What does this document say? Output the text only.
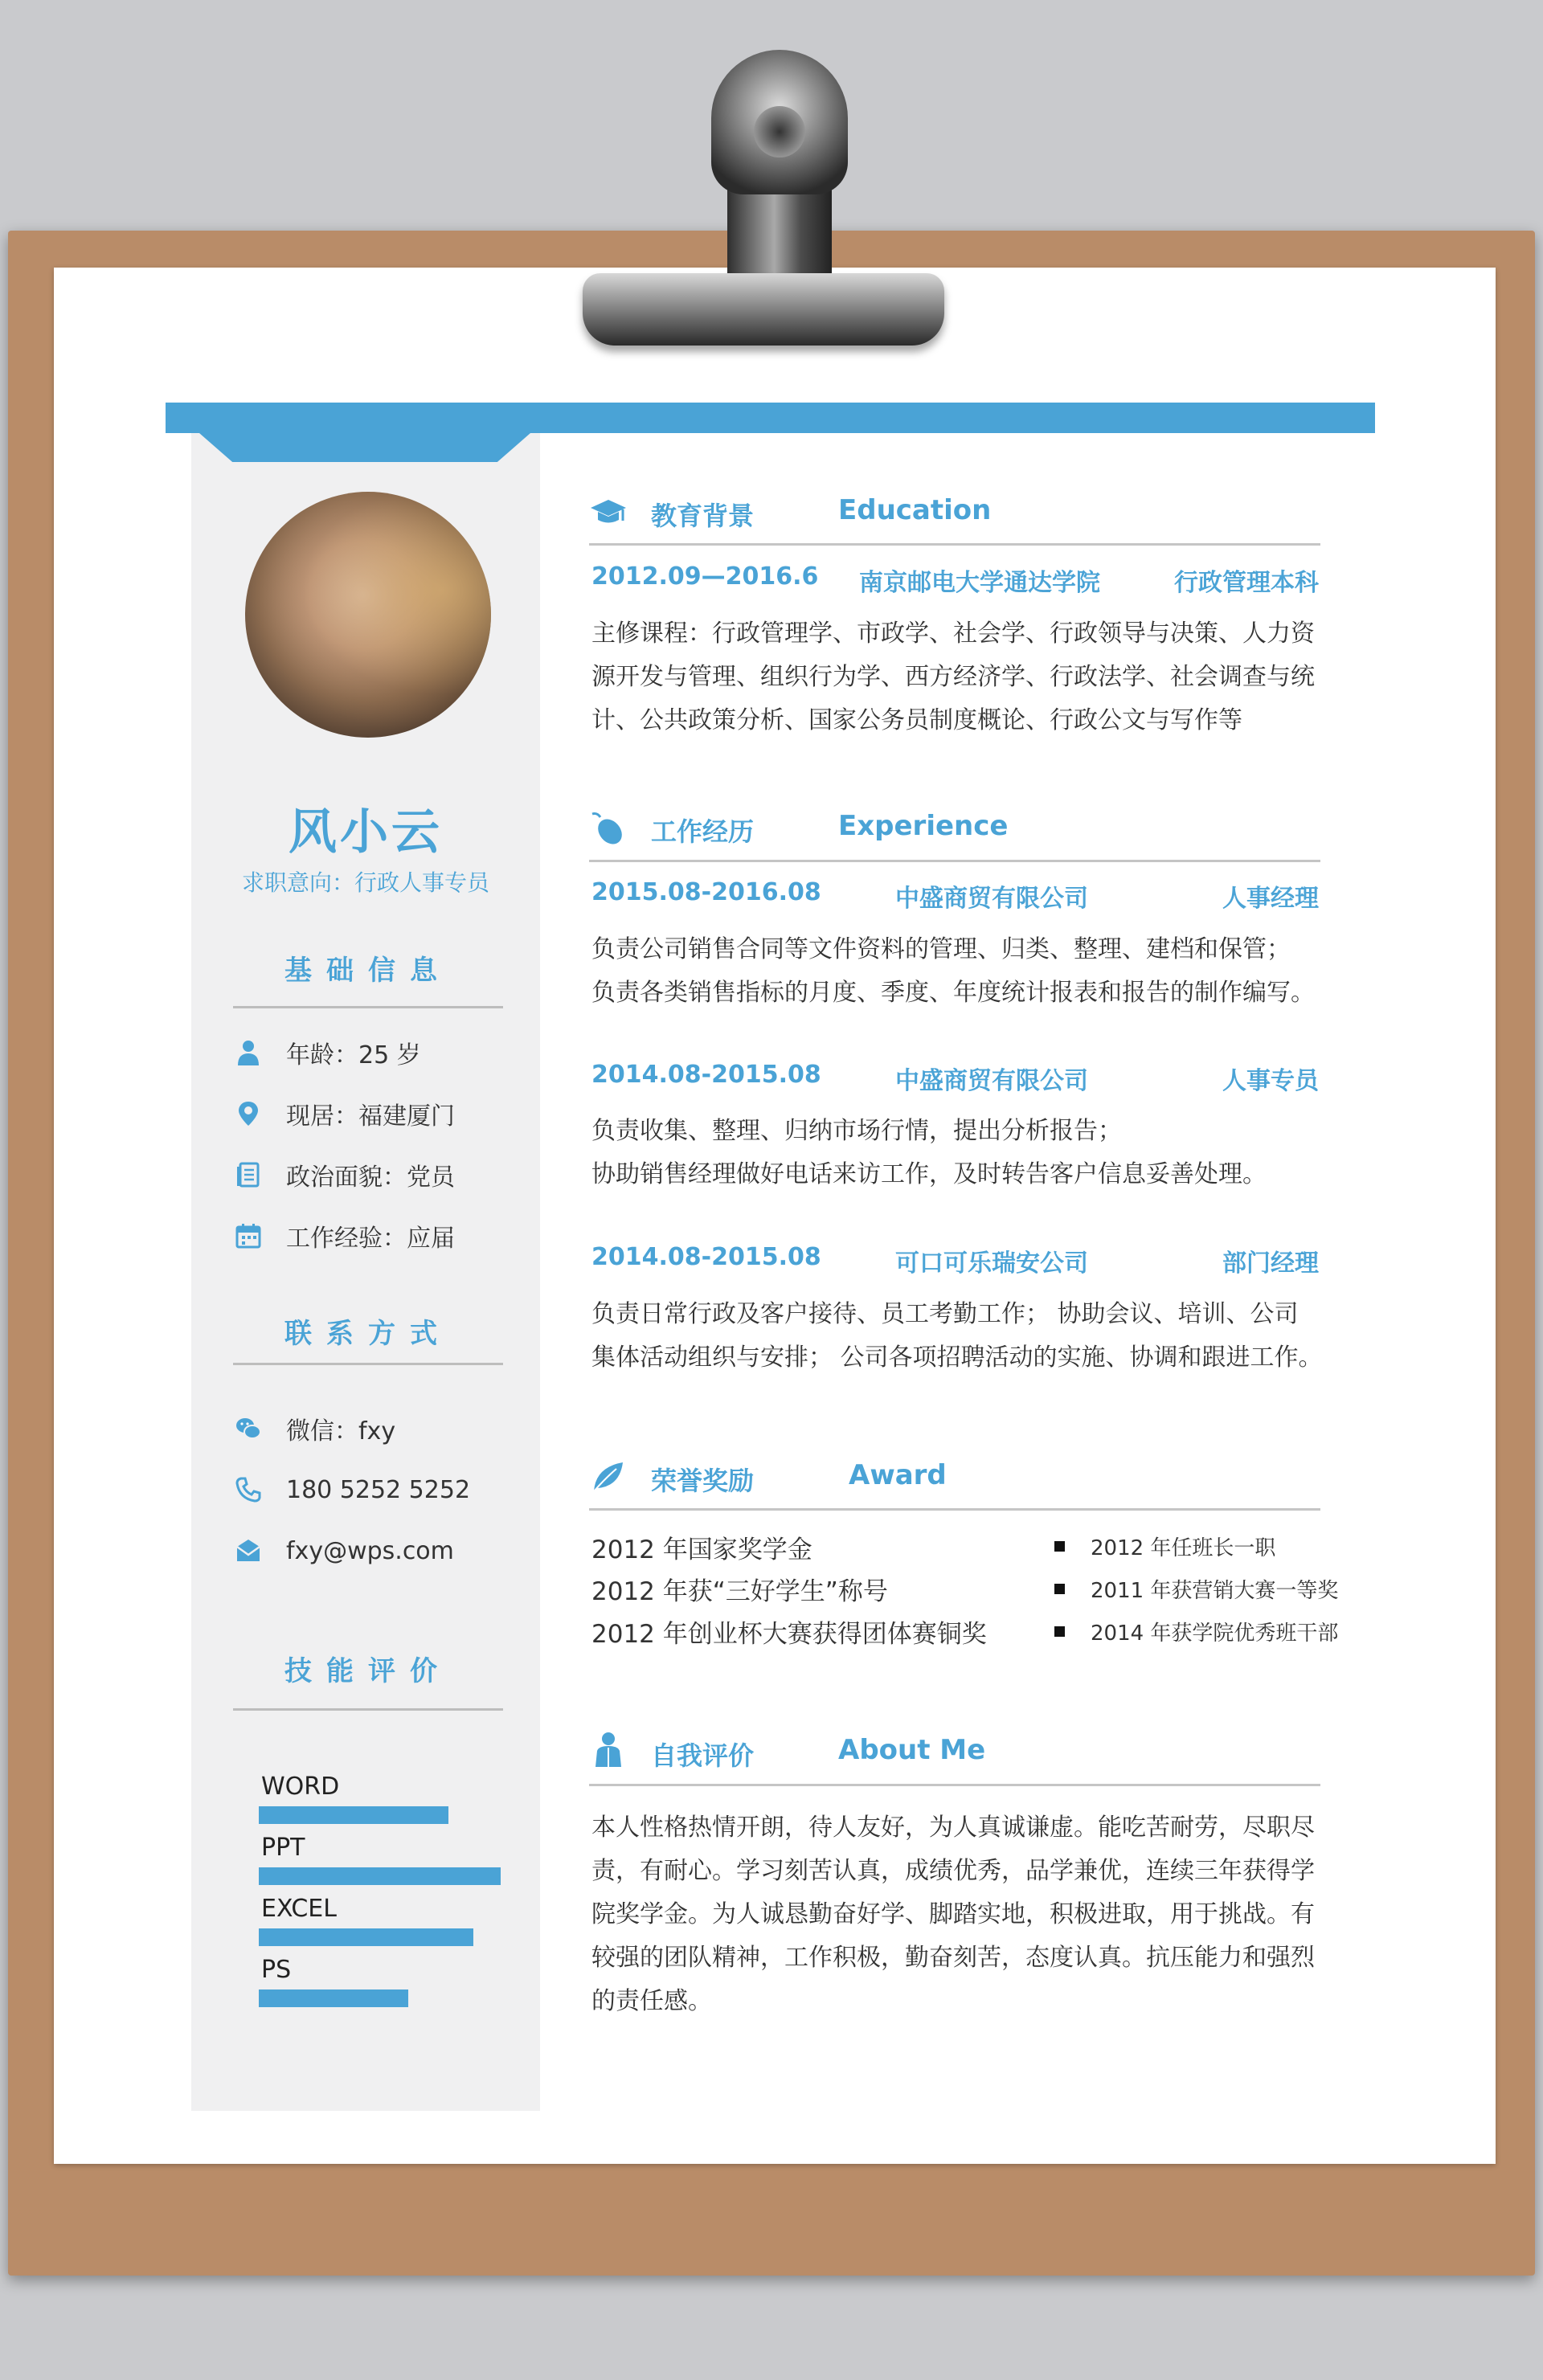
风小云
求职意向：行政人事专员
基础信息
年龄：25 岁
现居：福建厦门
政治面貌：党员
工作经验：应届
联系方式
微信：fxy
180 5252 5252
fxy@wps.com
技能评价
WORD
PPT
EXCEL
PS
教育背景	Education
2012.09—2016.6 南京邮电大学通达学院	行政管理本科
主修课程：行政管理学、市政学、社会学、行政领导与决策、人力资源开发与管理、组织行为学、西方经济学、行政法学、社会调查与统计、公共政策分析、国家公务员制度概论、行政公文与写作等
工作经历	Experience
2015.08-2016.08	中盛商贸有限公司	人事经理
负责公司销售合同等文件资料的管理、归类、整理、建档和保管；
负责各类销售指标的月度、季度、年度统计报表和报告的制作编写。
2014.08-2015.08	中盛商贸有限公司	人事专员
负责收集、整理、归纳市场行情，提出分析报告；
协助销售经理做好电话来访工作，及时转告客户信息妥善处理。
2014.08-2015.08	可口可乐瑞安公司	部门经理
负责日常行政及客户接待、员工考勤工作； 协助会议、培训、公司
集体活动组织与安排； 公司各项招聘活动的实施、协调和跟进工作。
荣誉奖励	Award
2012 年国家奖学金
2012 年获“三好学生”称号
2012 年创业杯大赛获得团体赛铜奖
2012 年任班长一职
2011 年获营销大赛一等奖
2014 年获学院优秀班干部
自我评价	About Me
本人性格热情开朗，待人友好，为人真诚谦虚。能吃苦耐劳，尽职尽责，有耐心。学习刻苦认真，成绩优秀，品学兼优，连续三年获得学院奖学金。为人诚恳勤奋好学、脚踏实地，积极进取，用于挑战。有较强的团队精神，工作积极，勤奋刻苦，态度认真。抗压能力和强烈的责任感。
